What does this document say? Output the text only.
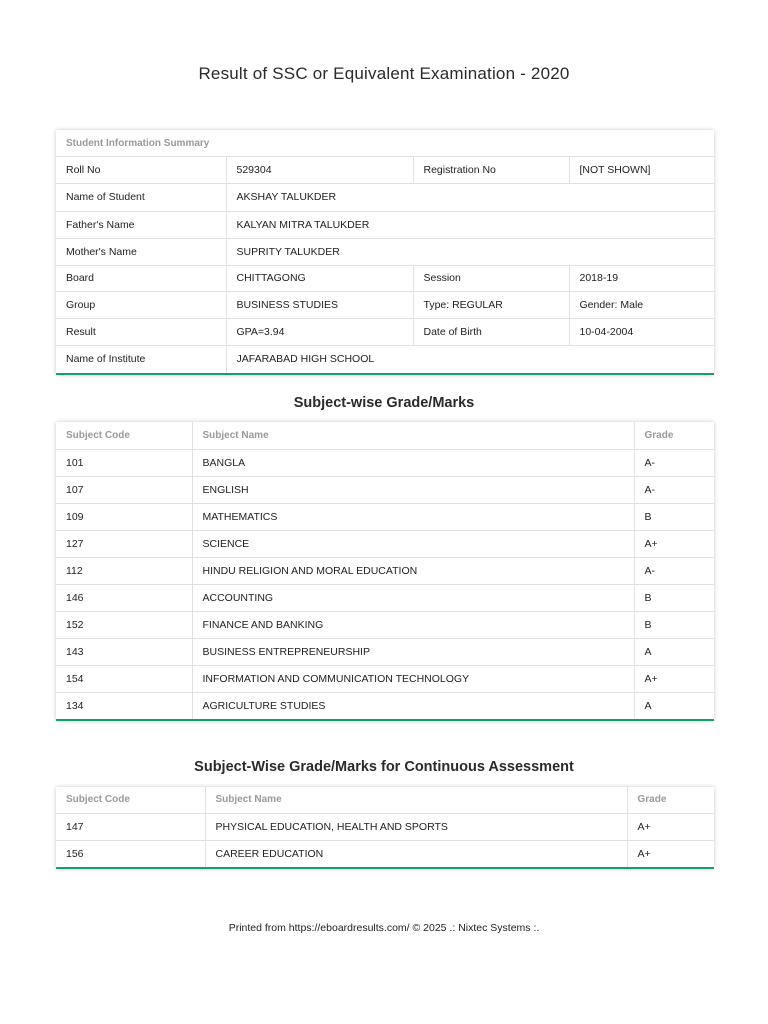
Result of SSC or Equivalent Examination - 2020
Student Information Summary
Roll No	529304	Registration No	[NOT SHOWN]
Name of Student	AKSHAY TALUKDER		
Father's Name	KALYAN MITRA TALUKDER		
Mother's Name	SUPRITY TALUKDER		
Board	CHITTAGONG	Session	2018-19
Group	BUSINESS STUDIES	Type: REGULAR	Gender: Male
Result	GPA=3.94	Date of Birth	10-04-2004
Name of Institute	JAFARABAD HIGH SCHOOL		
Subject-wise Grade/Marks
Subject Code	Subject Name	Grade
101	BANGLA	A-
107	ENGLISH	A-
109	MATHEMATICS	B
127	SCIENCE	A+
112	HINDU RELIGION AND MORAL EDUCATION	A-
146	ACCOUNTING	B
152	FINANCE AND BANKING	B
143	BUSINESS ENTREPRENEURSHIP	A
154	INFORMATION AND COMMUNICATION TECHNOLOGY	A+
134	AGRICULTURE STUDIES	A
Subject-Wise Grade/Marks for Continuous Assessment
Subject Code	Subject Name	Grade
147	PHYSICAL EDUCATION, HEALTH AND SPORTS	A+
156	CAREER EDUCATION	A+
Printed from https://eboardresults.com/ © 2025 .: Nixtec Systems :.
